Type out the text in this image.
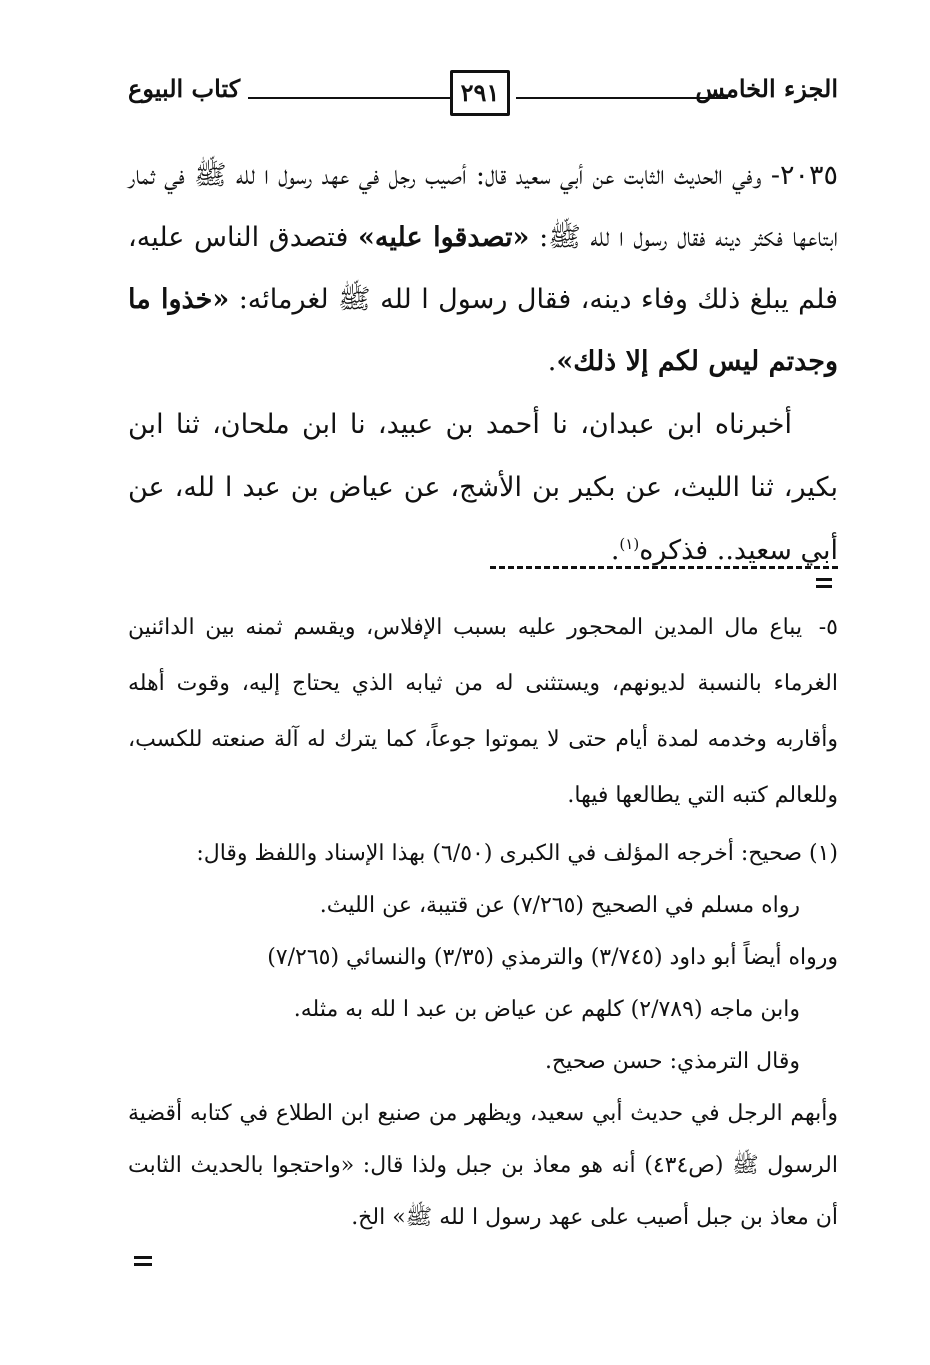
الجزء الخامس
٢٩١
كتاب البيوع

٢٠٣٥- وفي الحديث الثابت عن أبي سعيد قال: أصيب رجل في عهد رسول ا لله ﷺ في ثمار ابتاعها فكثر دينه فقال رسول ا لله ﷺ: «تصدقوا عليه» فتصدق الناس عليه، فلم يبلغ ذلك وفاء دينه، فقال رسول ا لله ﷺ لغرمائه: «خذوا ما وجدتم ليس لكم إلا ذلك».

أخبرناه ابن عبدان، نا أحمد بن عبيد، نا ابن ملحان، ثنا ابن بكير، ثنا الليث، عن بكير بن الأشج، عن عياض بن عبد ا لله، عن أبي سعيد.. فذكره$^{(١)}$.

٥- يباع مال المدين المحجور عليه بسبب الإفلاس، ويقسم ثمنه بين الدائنين الغرماء بالنسبة لديونهم، ويستثنى له من ثيابه الذي يحتاج إليه، وقوت أهله وأقاربه وخدمه لمدة أيام حتى لا يموتوا جوعاً، كما يترك له آلة صنعته للكسب، وللعالم كتبه التي يطالعها فيها.

(١) صحيح: أخرجه المؤلف في الكبرى (٦/٥٠) بهذا الإسناد واللفظ وقال:

رواه مسلم في الصحيح (٧/٢٦٥) عن قتيبة، عن الليث.

ورواه أيضاً أبو داود (٣/٧٤٥) والترمذي (٣/٣٥) والنسائي (٧/٢٦٥)

وابن ماجه (٢/٧٨٩) كلهم عن عياض بن عبد ا لله به مثله.

وقال الترمذي: حسن صحيح.

وأبهم الرجل في حديث أبي سعيد، ويظهر من صنيع ابن الطلاع في كتابه أقضية الرسول ﷺ (ص٤٣٤) أنه هو معاذ بن جبل ولذا قال: «واحتجوا بالحديث الثابت أن معاذ بن جبل أصيب على عهد رسول ا لله ﷺ» الخ.
